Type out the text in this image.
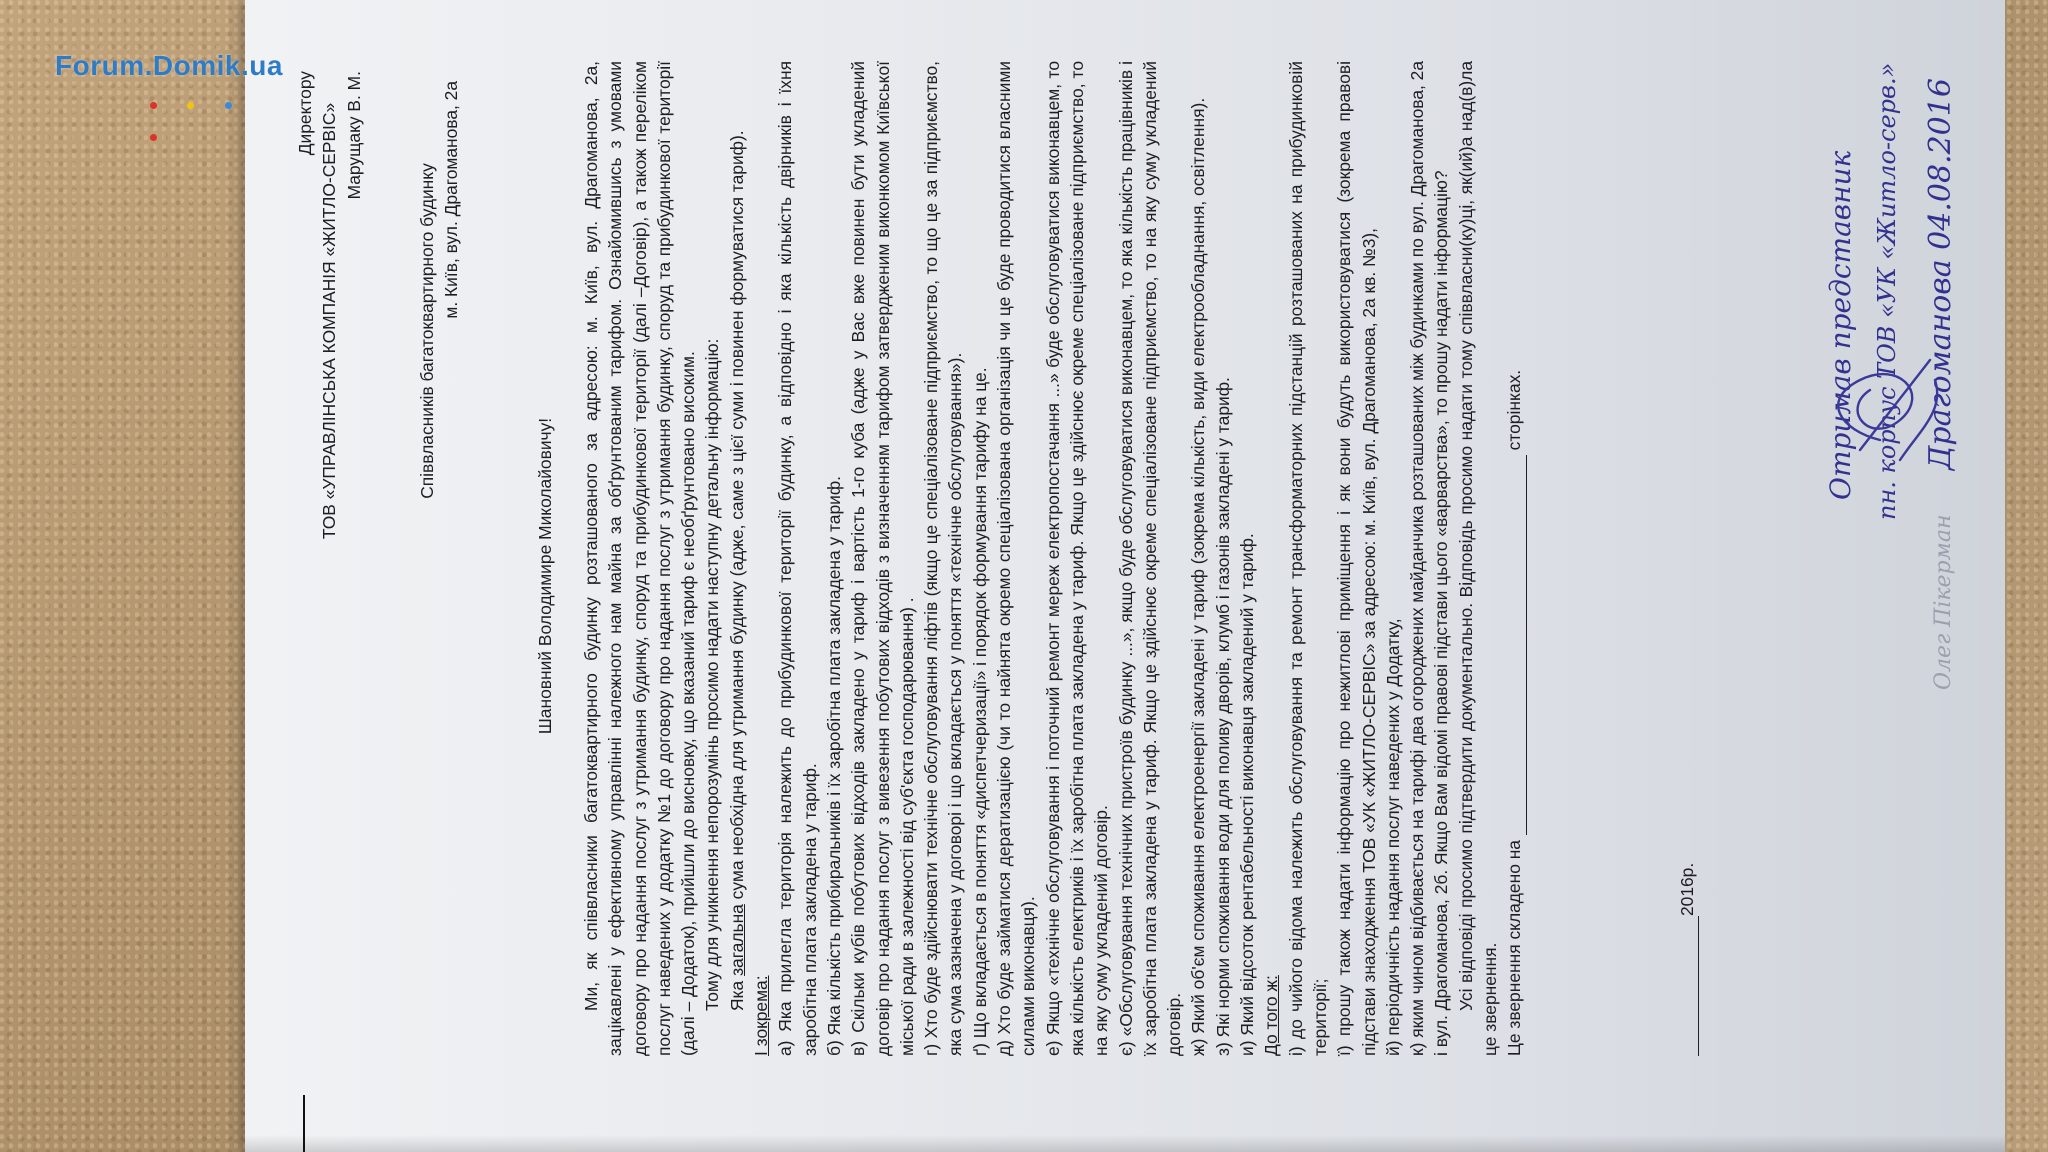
Директору ТОВ «УПРАВЛІНСЬКА КОМПАНІЯ «ЖИТЛО-СЕРВІС» Марущаку В. М.
Співвласників багатоквартирного будинку м. Київ, вул. Драгоманова, 2а
Шановний Володимире Миколайовичу! Ми, як співвласники багатоквартирного будинку розташованого за адресою: м. Київ, вул. Драгоманова, 2а, зацікавлені у ефективному управлінні належного нам майна за обґрунтованим тарифом. Ознайомившись з умовами договору про надання послуг з утримання будинку, споруд та прибудинкової території (далі –Договір), а також переліком послуг наведених у додатку №1 до договору про надання послуг з утримання будинку, споруд та прибудинкової території (далі – Додаток), прийшли до висновку, що вказаний тариф є необґрунтовано високим. Тому для уникнення непорозумінь просимо надати наступну детальну інформацію: Яка загальна сума необхідна для утримання будинку (адже, саме з цієї суми і повинен формуватися тариф).

І зокрема: а) Яка прилегла територія належить до прибудинкової території будинку, а відповідно і яка кількість двірників і їхня заробітна плата закладена у тариф. б) Яка кількість прибиральників і їх заробітна плата закладена у тариф. в) Скільки кубів побутових відходів закладено у тариф і вартість 1-го куба (адже у Вас вже повинен бути укладений договір про надання послуг з вивезення побутових відходів з визначенням тарифом затвердженим виконкомом Київської міської ради в залежності від суб'єкта господарювання) . г) Хто буде здійснювати технічне обслуговування ліфтів (якщо це спеціалізоване підприємство, то що це за підприємство, яка сума зазначена у договорі і що вкладається у поняття «технічне обслуговування»). ґ) Що вкладається в поняття «диспетчеризації» і порядок формування тарифу на це. д) Хто буде займатися дератизацією (чи то найнята окремо спеціалізована організація чи це буде проводитися власними силами виконавця). е) Якщо «технічне обслуговування і поточний ремонт мереж електропостачання ...» буде обслуговуватися виконавцем, то яка кількість електриків і їх заробітна плата закладена у тариф. Якщо це здійснює окреме спеціалізоване підприємство, то на яку суму укладений договір. є) «Обслуговування технічних пристроїв будинку ...», якщо буде обслуговуватися виконавцем, то яка кількість працівників і їх заробітна плата закладена у тариф. Якщо це здійснює окреме спеціалізоване підприємство, то на яку суму укладений договір. ж) Який об'єм споживання електроенергії закладені у тариф (зокрема кількість, види електрообладнання, освітлення). з) Які норми споживання води для поливу дворів, клумб і газонів закладені у тариф. и) Який відсоток рентабельності виконавця закладений у тариф. До того ж: і) до чийого відома належить обслуговування та ремонт трансформаторних підстанцій розташованих на прибудинковій території; ї) прошу також надати інформацію про нежитлові приміщення і як вони будуть використовуватися (зокрема правові підстави знаходження ТОВ «УК «ЖИТЛО-СЕРВІС» за адресою: м. Київ, вул. Драгоманова, 2а кв. №3), й) періодичність надання послуг наведених у Додатку, к) яким чином відбивається на тарифі два огороджених майданчика розташованих між будинками по вул. Драгоманова, 2а і вул. Драгоманова, 2б. Якщо Вам відомі правові підстави цього «варварства», то прошу надати інформацію? Усі відповіді просимо підтвердити документально. Відповідь просимо надати тому співвласни(ку)ці, як(ий)а над(в)ла це звернення. Це звернення складено на  сторінках.

2016р.
Forum.Domik.ua

Отримав представник пн. корпус ТОВ «УК «Житло-серв.» Драгоманова 04.08.2016
Олег Пікерман
